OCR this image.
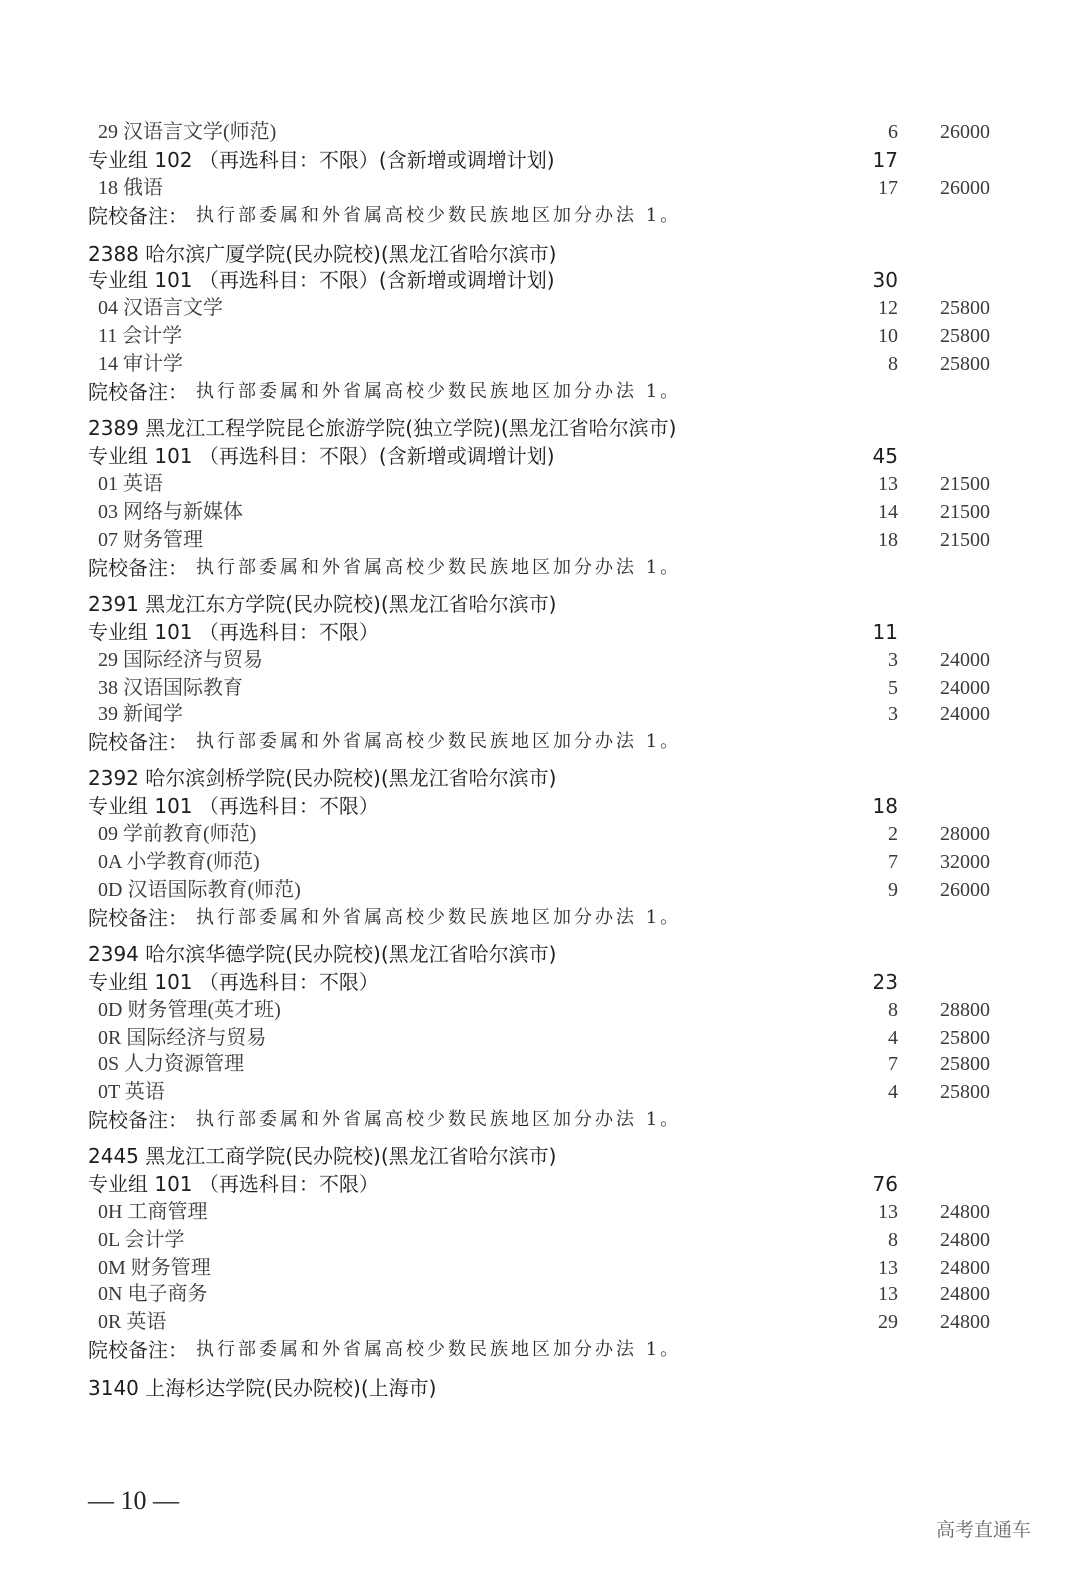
29 汉语言文学(师范)	6	26000
专业组 102 （再选科目：不限）(含新增或调增计划)	17
18 俄语	17	26000
院校备注： 执行部委属和外省属高校少数民族地区加分办法 1。
2388 哈尔滨广厦学院(民办院校)(黑龙江省哈尔滨市)
专业组 101 （再选科目：不限）(含新增或调增计划)	30
04 汉语言文学	12	25800
11 会计学	10	25800
14 审计学	8	25800
院校备注： 执行部委属和外省属高校少数民族地区加分办法 1。
2389 黑龙江工程学院昆仑旅游学院(独立学院)(黑龙江省哈尔滨市)
专业组 101 （再选科目：不限）(含新增或调增计划)	45
01 英语	13	21500
03 网络与新媒体	14	21500
07 财务管理	18	21500
院校备注： 执行部委属和外省属高校少数民族地区加分办法 1。
2391 黑龙江东方学院(民办院校)(黑龙江省哈尔滨市)
专业组 101 （再选科目：不限）	11
29 国际经济与贸易	3	24000
38 汉语国际教育	5	24000
39 新闻学	3	24000
院校备注： 执行部委属和外省属高校少数民族地区加分办法 1。
2392 哈尔滨剑桥学院(民办院校)(黑龙江省哈尔滨市)
专业组 101 （再选科目：不限）	18
09 学前教育(师范)	2	28000
0A 小学教育(师范)	7	32000
0D 汉语国际教育(师范)	9	26000
院校备注： 执行部委属和外省属高校少数民族地区加分办法 1。
2394 哈尔滨华德学院(民办院校)(黑龙江省哈尔滨市)
专业组 101 （再选科目：不限）	23
0D 财务管理(英才班)	8	28800
0R 国际经济与贸易	4	25800
0S 人力资源管理	7	25800
0T 英语	4	25800
院校备注： 执行部委属和外省属高校少数民族地区加分办法 1。
2445 黑龙江工商学院(民办院校)(黑龙江省哈尔滨市)
专业组 101 （再选科目：不限）	76
0H 工商管理	13	24800
0L 会计学	8	24800
0M 财务管理	13	24800
0N 电子商务	13	24800
0R 英语	29	24800
院校备注： 执行部委属和外省属高校少数民族地区加分办法 1。
3140 上海杉达学院(民办院校)(上海市)
— 10 —
高考直通车
